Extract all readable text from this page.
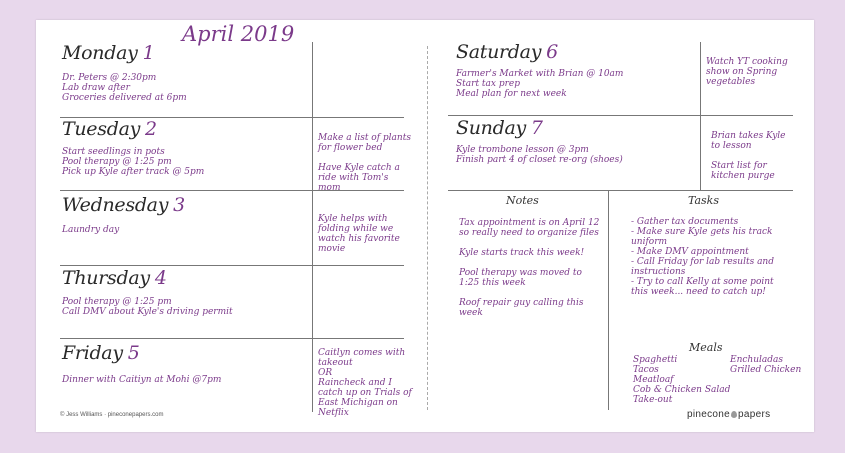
April 2019
Monday 1
Dr. Peters @ 2:30pm
Lab draw after
Groceries delivered at 6pm
Tuesday 2
Start seedlings in pots
Pool therapy @ 1:25 pm
Pick up Kyle after track @ 5pm

Make a list of plants for flower bed

Have Kyle catch a ride with Tom's mom

Wednesday 3
Laundry day

Kyle helps with folding while we watch his favorite movie

Thursday 4
Pool therapy @ 1:25 pm
Call DMV about Kyle's driving permit
Friday 5
Dinner with Caitiyn at Mohi @7pm
Caitlyn comes with takeout
OR
Raincheck and I catch up on Trials of East Michigan on Netflix
Saturday 6
Farmer's Market with Brian @ 10am
Start tax prep
Meal plan for next week

Watch YT cooking show on Spring vegetables

Sunday 7
Kyle trombone lesson @ 3pm
Finish part 4 of closet re-org (shoes)

Brian takes Kyle to lesson

Start list for kitchen purge

Notes

Tax appointment is on April 12 so really need to organize files

Kyle starts track this week!

Pool therapy was moved to 1:25 this week

Roof repair guy calling this week

Tasks
- Gather tax documents
- Make sure Kyle gets his track uniform
- Make DMV appointment
- Call Friday for lab results and instructions
- Try to call Kelly at some point this week... need to catch up!
Meals
Spaghetti
Tacos
Meatloaf
Cob & Chicken Salad
Take-out
Enchuladas
Grilled Chicken
© Jess Williams · pineconepapers.com	pinecone papers
